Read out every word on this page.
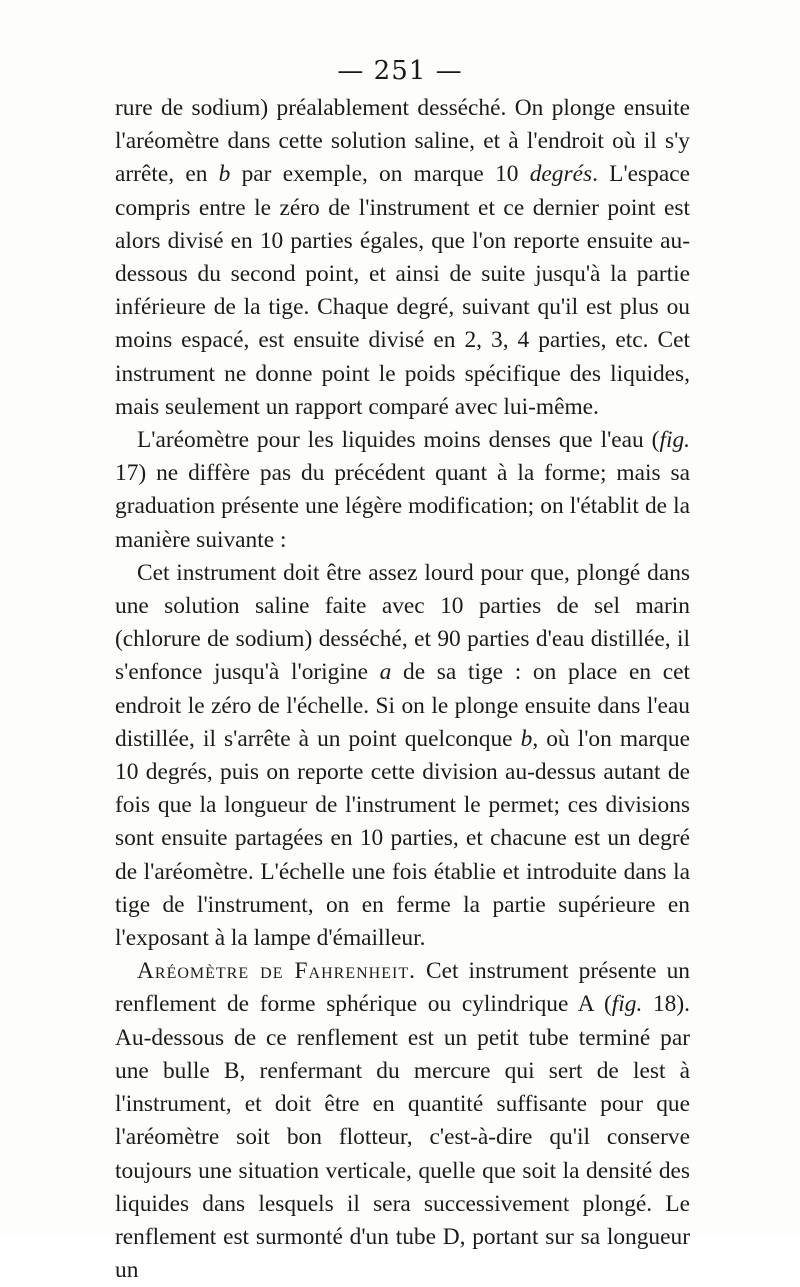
— 251 —

rure de sodium) préalablement desséché. On plonge ensuite l'aréomètre dans cette solution saline, et à l'endroit où il s'y arrête, en b par exemple, on marque 10 degrés. L'espace compris entre le zéro de l'instrument et ce dernier point est alors divisé en 10 parties égales, que l'on reporte ensuite au-dessous du second point, et ainsi de suite jusqu'à la partie inférieure de la tige. Chaque degré, suivant qu'il est plus ou moins espacé, est ensuite divisé en 2, 3, 4 parties, etc. Cet instrument ne donne point le poids spécifique des liquides, mais seulement un rapport comparé avec lui-même.

L'aréomètre pour les liquides moins denses que l'eau (fig. 17) ne diffère pas du précédent quant à la forme; mais sa graduation présente une légère modification; on l'établit de la manière suivante :

Cet instrument doit être assez lourd pour que, plongé dans une solution saline faite avec 10 parties de sel marin (chlorure de sodium) desséché, et 90 parties d'eau distillée, il s'enfonce jusqu'à l'origine a de sa tige : on place en cet endroit le zéro de l'échelle. Si on le plonge ensuite dans l'eau distillée, il s'arrête à un point quelconque b, où l'on marque 10 degrés, puis on reporte cette division au-dessus autant de fois que la longueur de l'instrument le permet; ces divisions sont ensuite partagées en 10 parties, et chacune est un degré de l'aréomètre. L'échelle une fois établie et introduite dans la tige de l'instrument, on en ferme la partie supérieure en l'exposant à la lampe d'émailleur.

Aréomètre de Fahrenheit. Cet instrument présente un renflement de forme sphérique ou cylindrique A (fig. 18). Au-dessous de ce renflement est un petit tube terminé par une bulle B, renfermant du mercure qui sert de lest à l'instrument, et doit être en quantité suffisante pour que l'aréomètre soit bon flotteur, c'est-à-dire qu'il conserve toujours une situation verticale, quelle que soit la densité des liquides dans lesquels il sera successivement plongé. Le renflement est surmonté d'un tube D, portant sur sa longueur un
